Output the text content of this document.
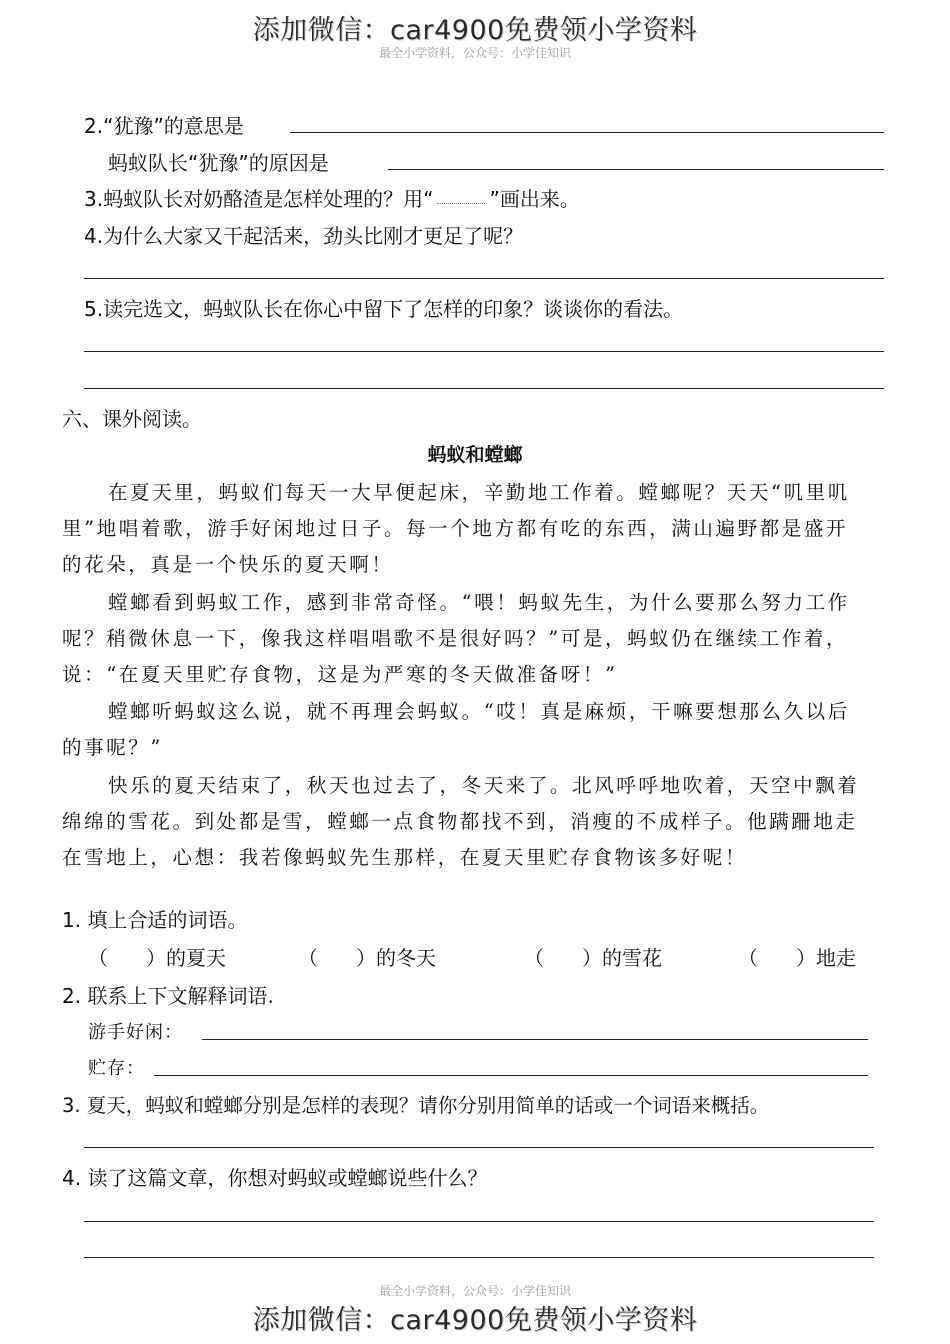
添加微信：car4900免费领小学资料
最全小学资料，公众号：小学佳知识
2.“犹豫”的意思是
蚂蚁队长“犹豫”的原因是
3.蚂蚁队长对奶酪渣是怎样处理的？用“	”画出来。
4.为什么大家又干起活来，劲头比刚才更足了呢？
5.读完选文，蚂蚁队长在你心中留下了怎样的印象？谈谈你的看法。
六、课外阅读。
蚂蚁和螳螂
在夏天里，蚂蚁们每天一大早便起床，辛勤地工作着。螳螂呢？天天“叽里叽
里”地唱着歌，游手好闲地过日子。每一个地方都有吃的东西，满山遍野都是盛开
的花朵，真是一个快乐的夏天啊！
螳螂看到蚂蚁工作，感到非常奇怪。“喂！蚂蚁先生，为什么要那么努力工作
呢？稍微休息一下，像我这样唱唱歌不是很好吗？”可是，蚂蚁仍在继续工作着，
说：“在夏天里贮存食物，这是为严寒的冬天做准备呀！”
螳螂听蚂蚁这么说，就不再理会蚂蚁。“哎！真是麻烦，干嘛要想那么久以后
的事呢？”
快乐的夏天结束了，秋天也过去了，冬天来了。北风呼呼地吹着，天空中飘着
绵绵的雪花。到处都是雪，螳螂一点食物都找不到，消瘦的不成样子。他蹒跚地走
在雪地上，心想：我若像蚂蚁先生那样，在夏天里贮存食物该多好呢！
1. 填上合适的词语。
（ ）的夏天	（ ）的冬天	（ ）的雪花	（ ）地走
2. 联系上下文解释词语.
游手好闲：
贮存：
3. 夏天，蚂蚁和螳螂分别是怎样的表现？请你分别用简单的话或一个词语来概括。
4. 读了这篇文章，你想对蚂蚁或螳螂说些什么？
最全小学资料，公众号：小学佳知识
添加微信：car4900免费领小学资料
